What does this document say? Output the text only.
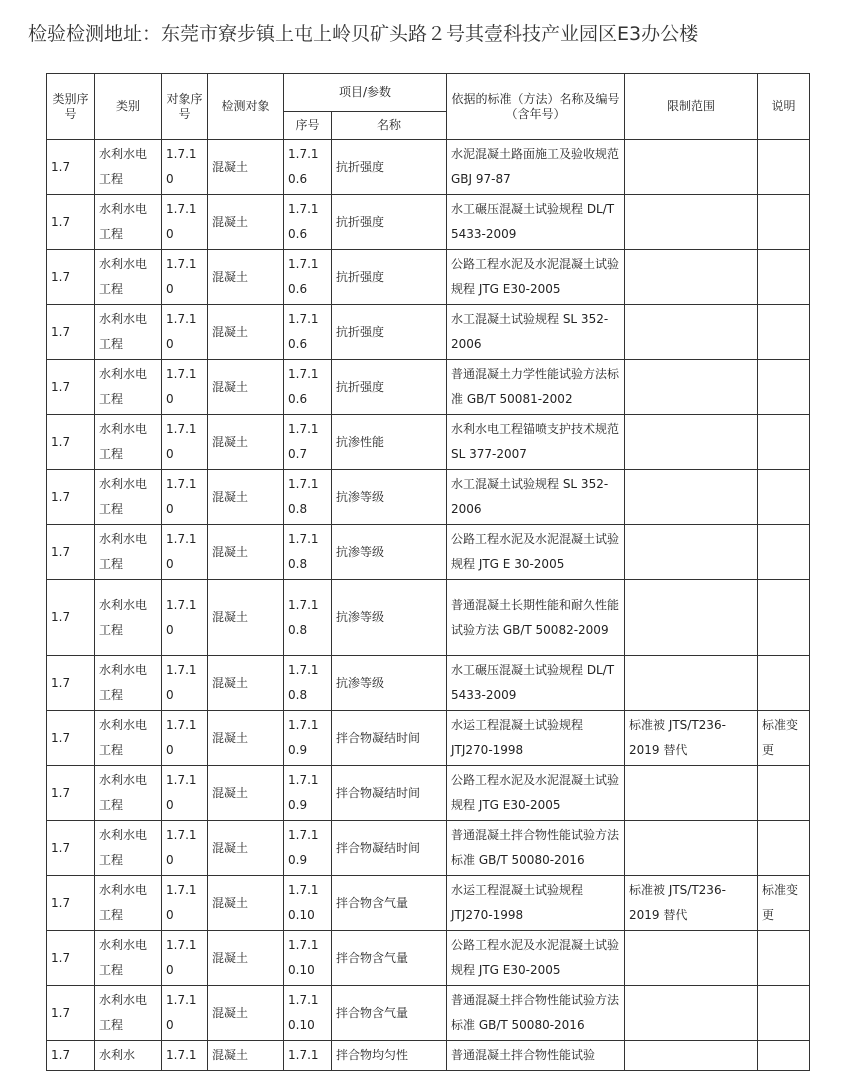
检验检测地址：东莞市寮步镇上屯上岭贝矿头路２号其壹科技产业园区E3办公楼
类别序号	类别	对象序号	检测对象	项目/参数		依据的标准（方法）名称及编号（含年号）	限制范围	说明
				序号	名称			
1.7	水利水电工程	1.7.10	混凝土	1.7.10.6	抗折强度	水泥混凝土路面施工及验收规范 GBJ 97-87		
1.7	水利水电工程	1.7.10	混凝土	1.7.10.6	抗折强度	水工碾压混凝土试验规程 DL/T 5433-2009		
1.7	水利水电工程	1.7.10	混凝土	1.7.10.6	抗折强度	公路工程水泥及水泥混凝土试验规程 JTG E30-2005		
1.7	水利水电工程	1.7.10	混凝土	1.7.10.6	抗折强度	水工混凝土试验规程 SL 352-2006		
1.7	水利水电工程	1.7.10	混凝土	1.7.10.6	抗折强度	普通混凝土力学性能试验方法标准 GB/T 50081-2002		
1.7	水利水电工程	1.7.10	混凝土	1.7.10.7	抗渗性能	水利水电工程锚喷支护技术规范 SL 377-2007		
1.7	水利水电工程	1.7.10	混凝土	1.7.10.8	抗渗等级	水工混凝土试验规程 SL 352-2006		
1.7	水利水电工程	1.7.10	混凝土	1.7.10.8	抗渗等级	公路工程水泥及水泥混凝土试验规程 JTG E 30-2005		
1.7	水利水电工程	1.7.10	混凝土	1.7.10.8	抗渗等级	普通混凝土长期性能和耐久性能试验方法 GB/T 50082-2009		
1.7	水利水电工程	1.7.10	混凝土	1.7.10.8	抗渗等级	水工碾压混凝土试验规程 DL/T 5433-2009		
1.7	水利水电工程	1.7.10	混凝土	1.7.10.9	拌合物凝结时间	水运工程混凝土试验规程 JTJ270-1998	标准被 JTS/T236-2019 替代	标准变更
1.7	水利水电工程	1.7.10	混凝土	1.7.10.9	拌合物凝结时间	公路工程水泥及水泥混凝土试验规程 JTG E30-2005		
1.7	水利水电工程	1.7.10	混凝土	1.7.10.9	拌合物凝结时间	普通混凝土拌合物性能试验方法标准 GB/T 50080-2016		
1.7	水利水电工程	1.7.10	混凝土	1.7.10.10	拌合物含气量	水运工程混凝土试验规程 JTJ270-1998	标准被 JTS/T236-2019 替代	标准变更
1.7	水利水电工程	1.7.10	混凝土	1.7.10.10	拌合物含气量	公路工程水泥及水泥混凝土试验规程 JTG E30-2005		
1.7	水利水电工程	1.7.10	混凝土	1.7.10.10	拌合物含气量	普通混凝土拌合物性能试验方法标准 GB/T 50080-2016		
1.7	水利水	1.7.1	混凝土	1.7.1	拌合物均匀性	普通混凝土拌合物性能试验		
